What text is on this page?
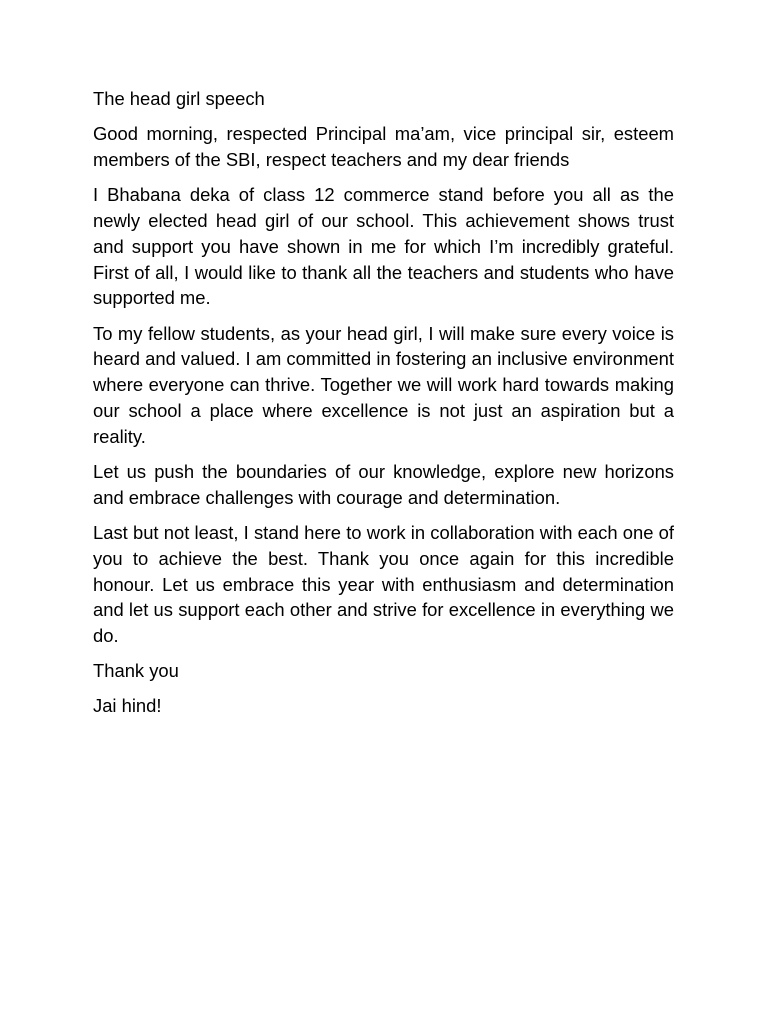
The head girl speech

Good morning, respected Principal ma’am, vice principal sir, esteem members of the SBI, respect teachers and my dear friends

I Bhabana deka of class 12 commerce stand before you all as the newly elected head girl of our school. This achievement shows trust and support you have shown in me for which I’m incredibly grateful. First of all, I would like to thank all the teachers and students who have supported me.

To my fellow students, as your head girl, I will make sure every voice is heard and valued. I am committed in fostering an inclusive environment where everyone can thrive. Together we will work hard towards making our school a place where excellence is not just an aspiration but a reality.

Let us push the boundaries of our knowledge, explore new horizons and embrace challenges with courage and determination.

Last but not least, I stand here to work in collaboration with each one of you to achieve the best. Thank you once again for this incredible honour. Let us embrace this year with enthusiasm and determination and let us support each other and strive for excellence in everything we do.

Thank you

Jai hind!
